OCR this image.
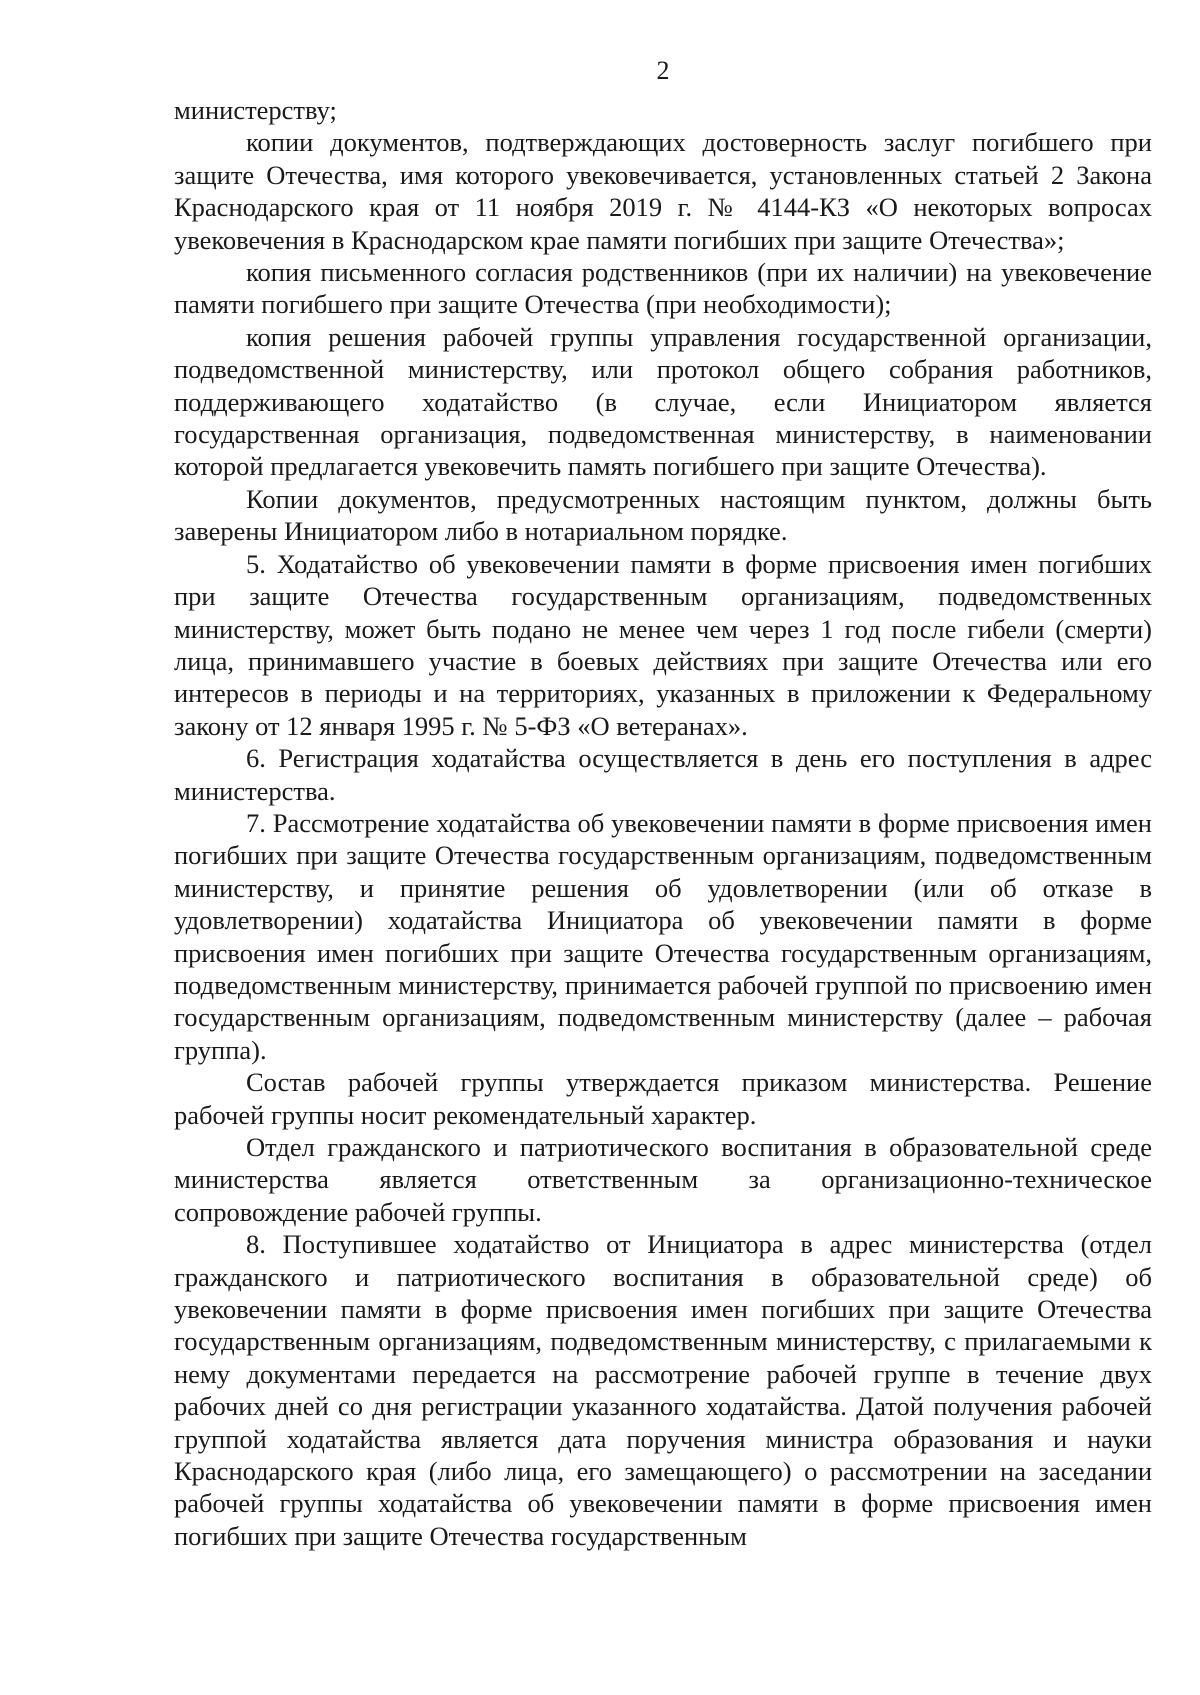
2

министерству;

копии документов, подтверждающих достоверность заслуг погибшего при защите Отечества, имя которого увековечивается, установленных статьей 2 Закона Краснодарского края от 11 ноября 2019 г. № 4144-КЗ «О некоторых вопросах увековечения в Краснодарском крае памяти погибших при защите Отечества»;

копия письменного согласия родственников (при их наличии) на увековечение памяти погибшего при защите Отечества (при необходимости);

копия решения рабочей группы управления государственной организации, подведомственной министерству, или протокол общего собрания работников, поддерживающего ходатайство (в случае, если Инициатором является государственная организация, подведомственная министерству, в наименовании которой предлагается увековечить память погибшего при защите Отечества).

Копии документов, предусмотренных настоящим пунктом, должны быть заверены Инициатором либо в нотариальном порядке.

5. Ходатайство об увековечении памяти в форме присвоения имен погибших при защите Отечества государственным организациям, подведомственных министерству, может быть подано не менее чем через 1 год после гибели (смерти) лица, принимавшего участие в боевых действиях при защите Отечества или его интересов в периоды и на территориях, указанных в приложении к Федеральному закону от 12 января 1995 г. № 5-ФЗ «О ветеранах».

6. Регистрация ходатайства осуществляется в день его поступления в адрес министерства.

7. Рассмотрение ходатайства об увековечении памяти в форме присвоения имен погибших при защите Отечества государственным организациям, подведомственным министерству, и принятие решения об удовлетворении (или об отказе в удовлетворении) ходатайства Инициатора об увековечении памяти в форме присвоения имен погибших при защите Отечества государственным организациям, подведомственным министерству, принимается рабочей группой по присвоению имен государственным организациям, подведомственным министерству (далее – рабочая группа).

Состав рабочей группы утверждается приказом министерства. Решение рабочей группы носит рекомендательный характер.

Отдел гражданского и патриотического воспитания в образовательной среде министерства является ответственным за организационно-техническое сопровождение рабочей группы.

8. Поступившее ходатайство от Инициатора в адрес министерства (отдел гражданского и патриотического воспитания в образовательной среде) об увековечении памяти в форме присвоения имен погибших при защите Отечества государственным организациям, подведомственным министерству, с прилагаемыми к нему документами передается на рассмотрение рабочей группе в течение двух рабочих дней со дня регистрации указанного ходатайства. Датой получения рабочей группой ходатайства является дата поручения министра образования и науки Краснодарского края (либо лица, его замещающего) о рассмотрении на заседании рабочей группы ходатайства об увековечении памяти в форме присвоения имен погибших при защите Отечества государственным
